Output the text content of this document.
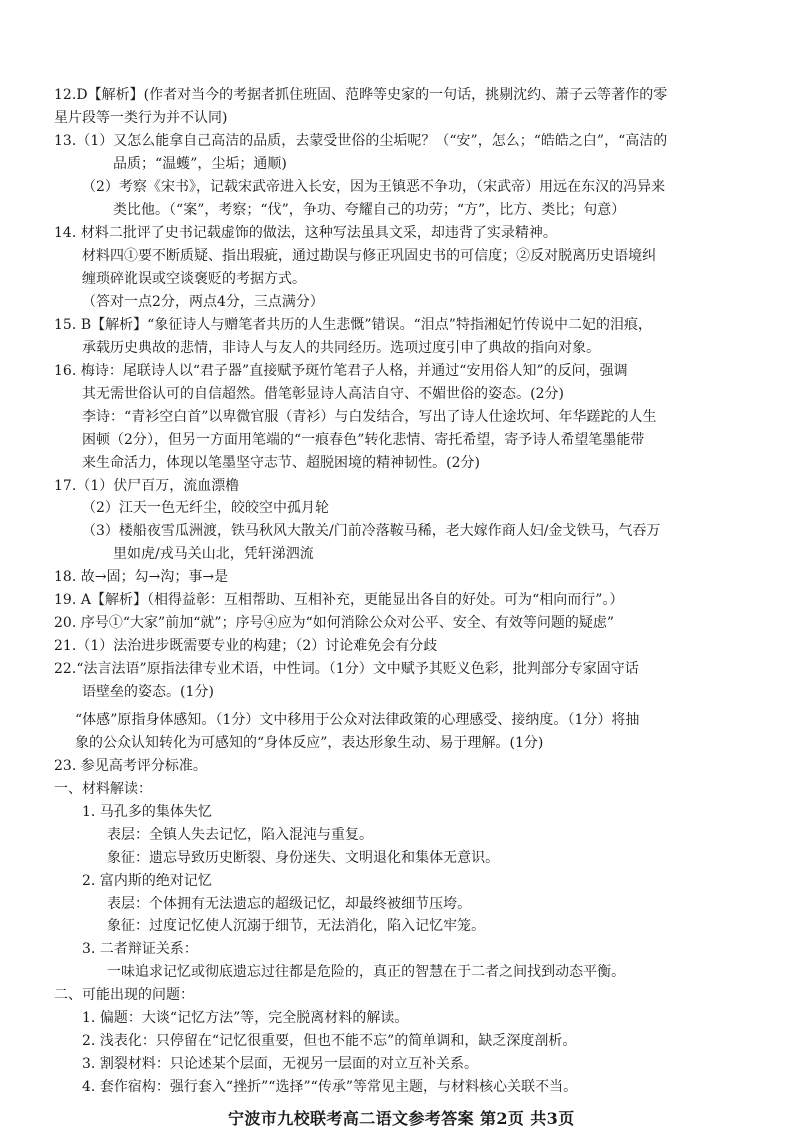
12.D【解析】(作者对当今的考据者抓住班固、范晔等史家的一句话，挑剔沈约、萧子云等著作的零
星片段等一类行为并不认同)
13.（1）又怎么能拿自己高洁的品质，去蒙受世俗的尘垢呢？（“安”，怎么；“皓皓之白”，“高洁的
品质；“温蠖”，尘垢；通顺)
（2）考察《宋书》，记载宋武帝进入长安，因为王镇恶不争功，（宋武帝）用远在东汉的冯异来
类比他。（“案”，考察；“伐”，争功、夸耀自己的功劳；“方”，比方、类比；句意）
14. 材料二批评了史书记载虚饰的做法，这种写法虽具文采，却违背了实录精神。
材料四①要不断质疑、指出瑕疵，通过勘误与修正巩固史书的可信度；②反对脱离历史语境纠
缠琐碎讹误或空谈褒贬的考据方式。
（答对一点2分，两点4分，三点满分）
15. B【解析】“象征诗人与赠笔者共历的人生悲慨”错误。“泪点”特指湘妃竹传说中二妃的泪痕，
承载历史典故的悲情，非诗人与友人的共同经历。选项过度引申了典故的指向对象。
16. 梅诗：尾联诗人以“君子器”直接赋予斑竹笔君子人格，并通过“安用俗人知”的反问，强调
其无需世俗认可的自信超然。借笔彰显诗人高洁自守、不媚世俗的姿态。(2分)
李诗：“青衫空白首”以卑微官服（青衫）与白发结合，写出了诗人仕途坎坷、年华蹉跎的人生
困顿（2分），但另一方面用笔端的“一痕春色”转化悲情、寄托希望，寄予诗人希望笔墨能带
来生命活力，体现以笔墨坚守志节、超脱困境的精神韧性。(2分)
17.（1）伏尸百万，流血漂橹
（2）江天一色无纤尘，皎皎空中孤月轮
（3）楼船夜雪瓜洲渡，铁马秋风大散关/门前冷落鞍马稀，老大嫁作商人妇/金戈铁马，气吞万
里如虎/戎马关山北，凭轩涕泗流
18. 故→固；勾→沟；事→是
19. A【解析】（相得益彰：互相帮助、互相补充，更能显出各自的好处。可为“相向而行”。）
20. 序号①“大家”前加“就”；序号④应为“如何消除公众对公平、安全、有效等问题的疑虑”
21.（1）法治进步既需要专业的构建；（2）讨论难免会有分歧
22.“法言法语”原指法律专业术语，中性词。（1分）文中赋予其贬义色彩，批判部分专家固守话
语壁垒的姿态。(1分)
“体感”原指身体感知。（1分）文中移用于公众对法律政策的心理感受、接纳度。（1分）将抽
象的公众认知转化为可感知的“身体反应”，表达形象生动、易于理解。(1分)
23. 参见高考评分标准。
一、材料解读：
1. 马孔多的集体失忆
表层：全镇人失去记忆，陷入混沌与重复。
象征：遗忘导致历史断裂、身份迷失、文明退化和集体无意识。
2. 富内斯的绝对记忆
表层：个体拥有无法遗忘的超级记忆，却最终被细节压垮。
象征：过度记忆使人沉溺于细节，无法消化，陷入记忆牢笼。
3. 二者辩证关系：
一味追求记忆或彻底遗忘过往都是危险的，真正的智慧在于二者之间找到动态平衡。
二、可能出现的问题：
1. 偏题：大谈“记忆方法”等，完全脱离材料的解读。
2. 浅表化：只停留在“记忆很重要，但也不能不忘”的简单调和，缺乏深度剖析。
3. 割裂材料：只论述某个层面，无视另一层面的对立互补关系。
4. 套作宿构：强行套入“挫折”“选择”“传承”等常见主题，与材料核心关联不当。
宁波市九校联考高二语文参考答案 第2页 共3页
